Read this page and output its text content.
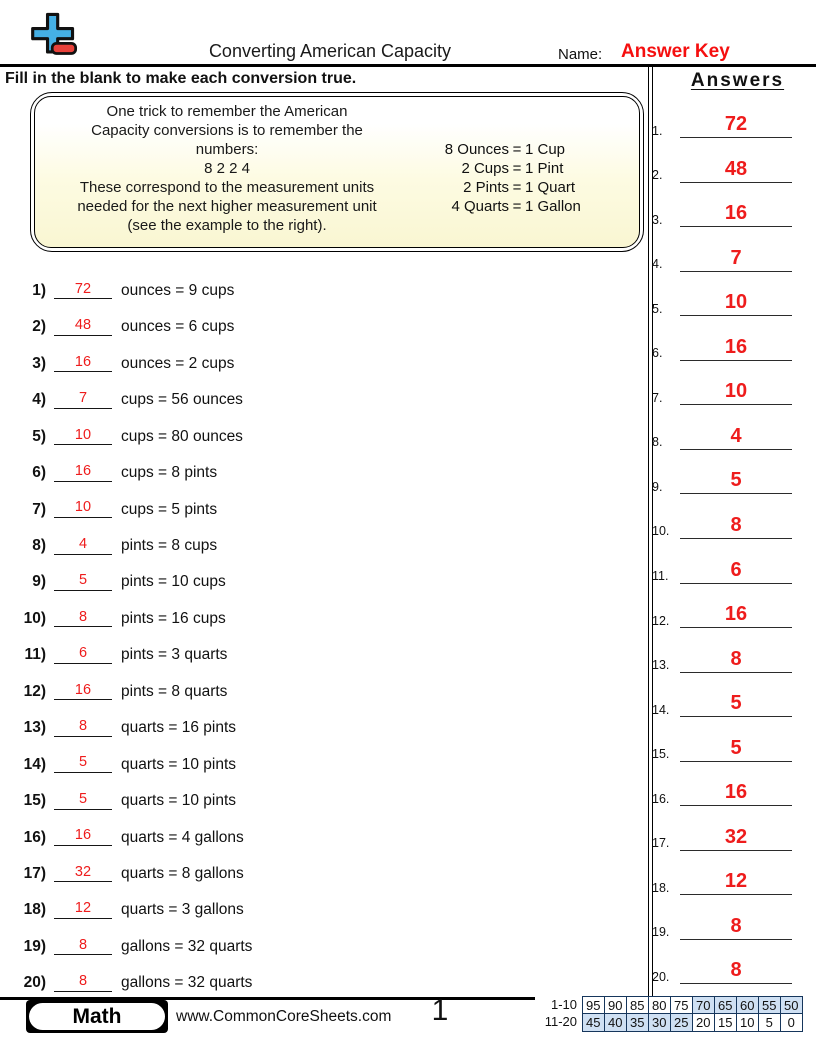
Converting American Capacity	Name: Answer Key
Fill in the blank to make each conversion true.
One trick to remember the American Capacity conversions is to remember the numbers:
8 2 2 4
These correspond to the measurement units needed for the next higher measurement unit (see the example to the right).
8 Ounces = 1 Cup
2 Cups = 1 Pint
2 Pints = 1 Quart
4 Quarts = 1 Gallon
1)	72	ounces = 9 cups
2)	48	ounces = 6 cups
3)	16	ounces = 2 cups
4)	7	cups = 56 ounces
5)	10	cups = 80 ounces
6)	16	cups = 8 pints
7)	10	cups = 5 pints
8)	4	pints = 8 cups
9)	5	pints = 10 cups
10)	8	pints = 16 cups
11)	6	pints = 3 quarts
12)	16	pints = 8 quarts
13)	8	quarts = 16 pints
14)	5	quarts = 10 pints
15)	5	quarts = 10 pints
16)	16	quarts = 4 gallons
17)	32	quarts = 8 gallons
18)	12	quarts = 3 gallons
19)	8	gallons = 32 quarts
20)	8	gallons = 32 quarts
Answers
1.	72
2.	48
3.	16
4.	7
5.	10
6.	16
7.	10
8.	4
9.	5
10.	8
11.	6
12.	16
13.	8
14.	5
15.	5
16.	16
17.	32
18.	12
19.	8
20.	8
Math	www.CommonCoreSheets.com	1	1-10 95 90 85 80 75 70 65 60 55 50
11-20 45 40 35 30 25 20 15 10 5	0
